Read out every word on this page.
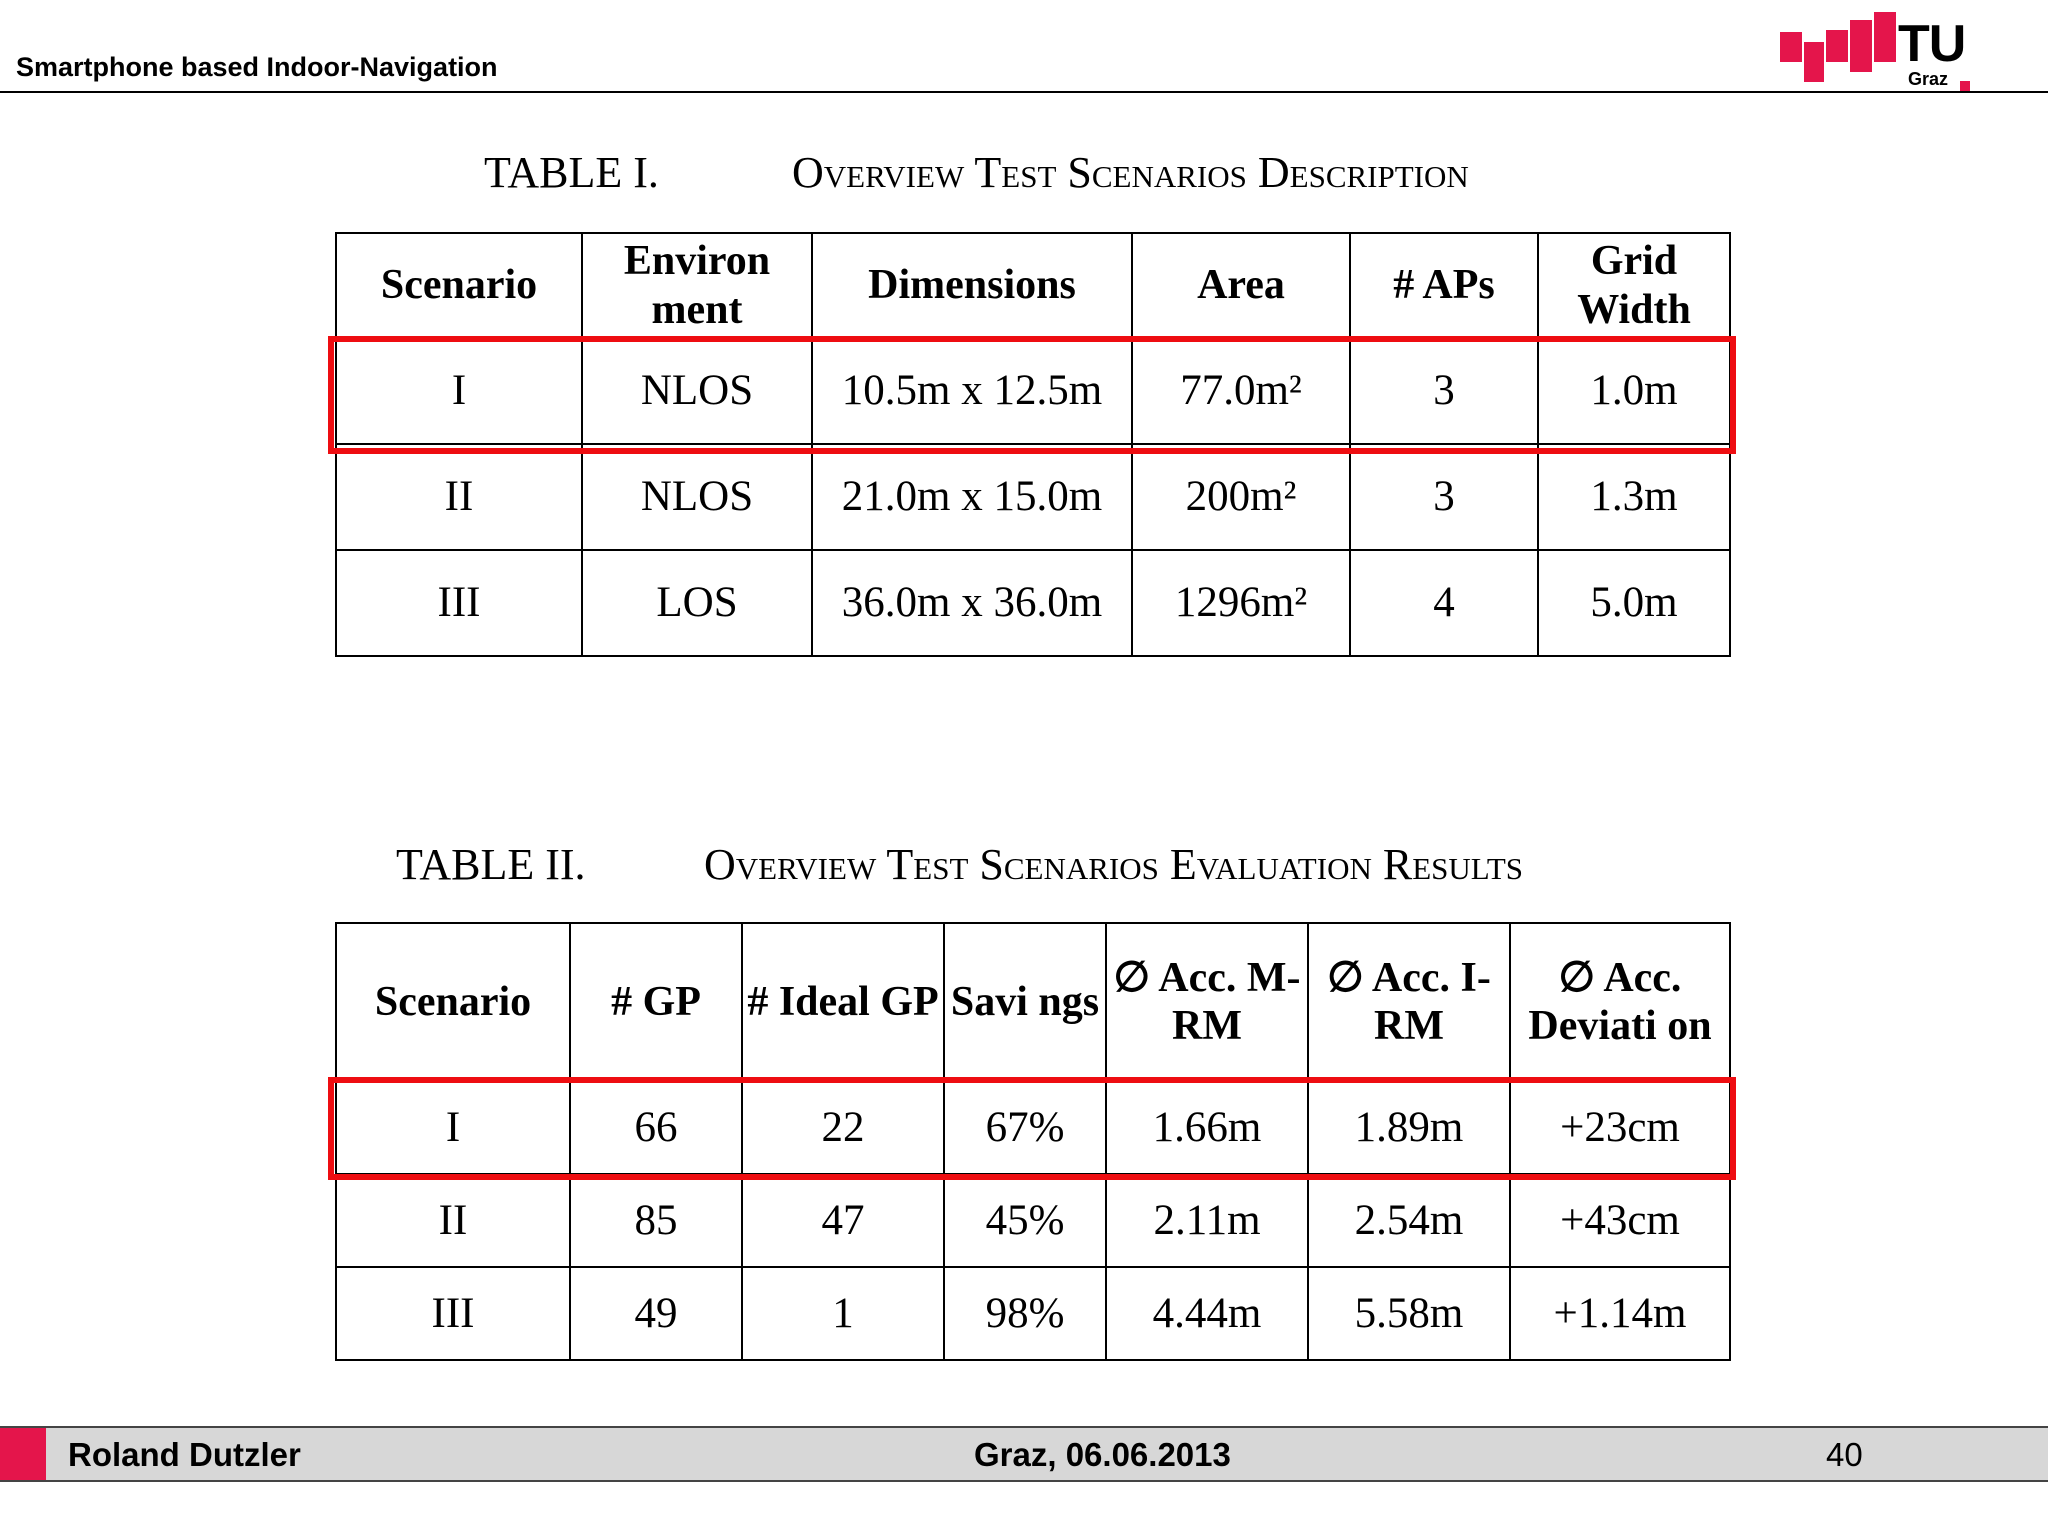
Smartphone based Indoor-Navigation	TU
Graz
TABLE I.	Overview Test Scenarios Description
Scenario	Environ ment	Dimensions	Area	# APs	Grid Width
I	NLOS	10.5m x 12.5m	77.0m²	3	1.0m
II	NLOS	21.0m x 15.0m	200m²	3	1.3m
III	LOS	36.0m x 36.0m	1296m²	4	5.0m
TABLE II.	Overview Test Scenarios Evaluation Results
Scenario	# GP	# Ideal GP	Savi ngs	∅ Acc. M-RM	∅ Acc. I- RM	∅ Acc. Deviati on
I	66	22	67%	1.66m	1.89m	+23cm
II	85	47	45%	2.11m	2.54m	+43cm
III	49	1	98%	4.44m	5.58m	+1.14m
Roland Dutzler	Graz, 06.06.2013	40
